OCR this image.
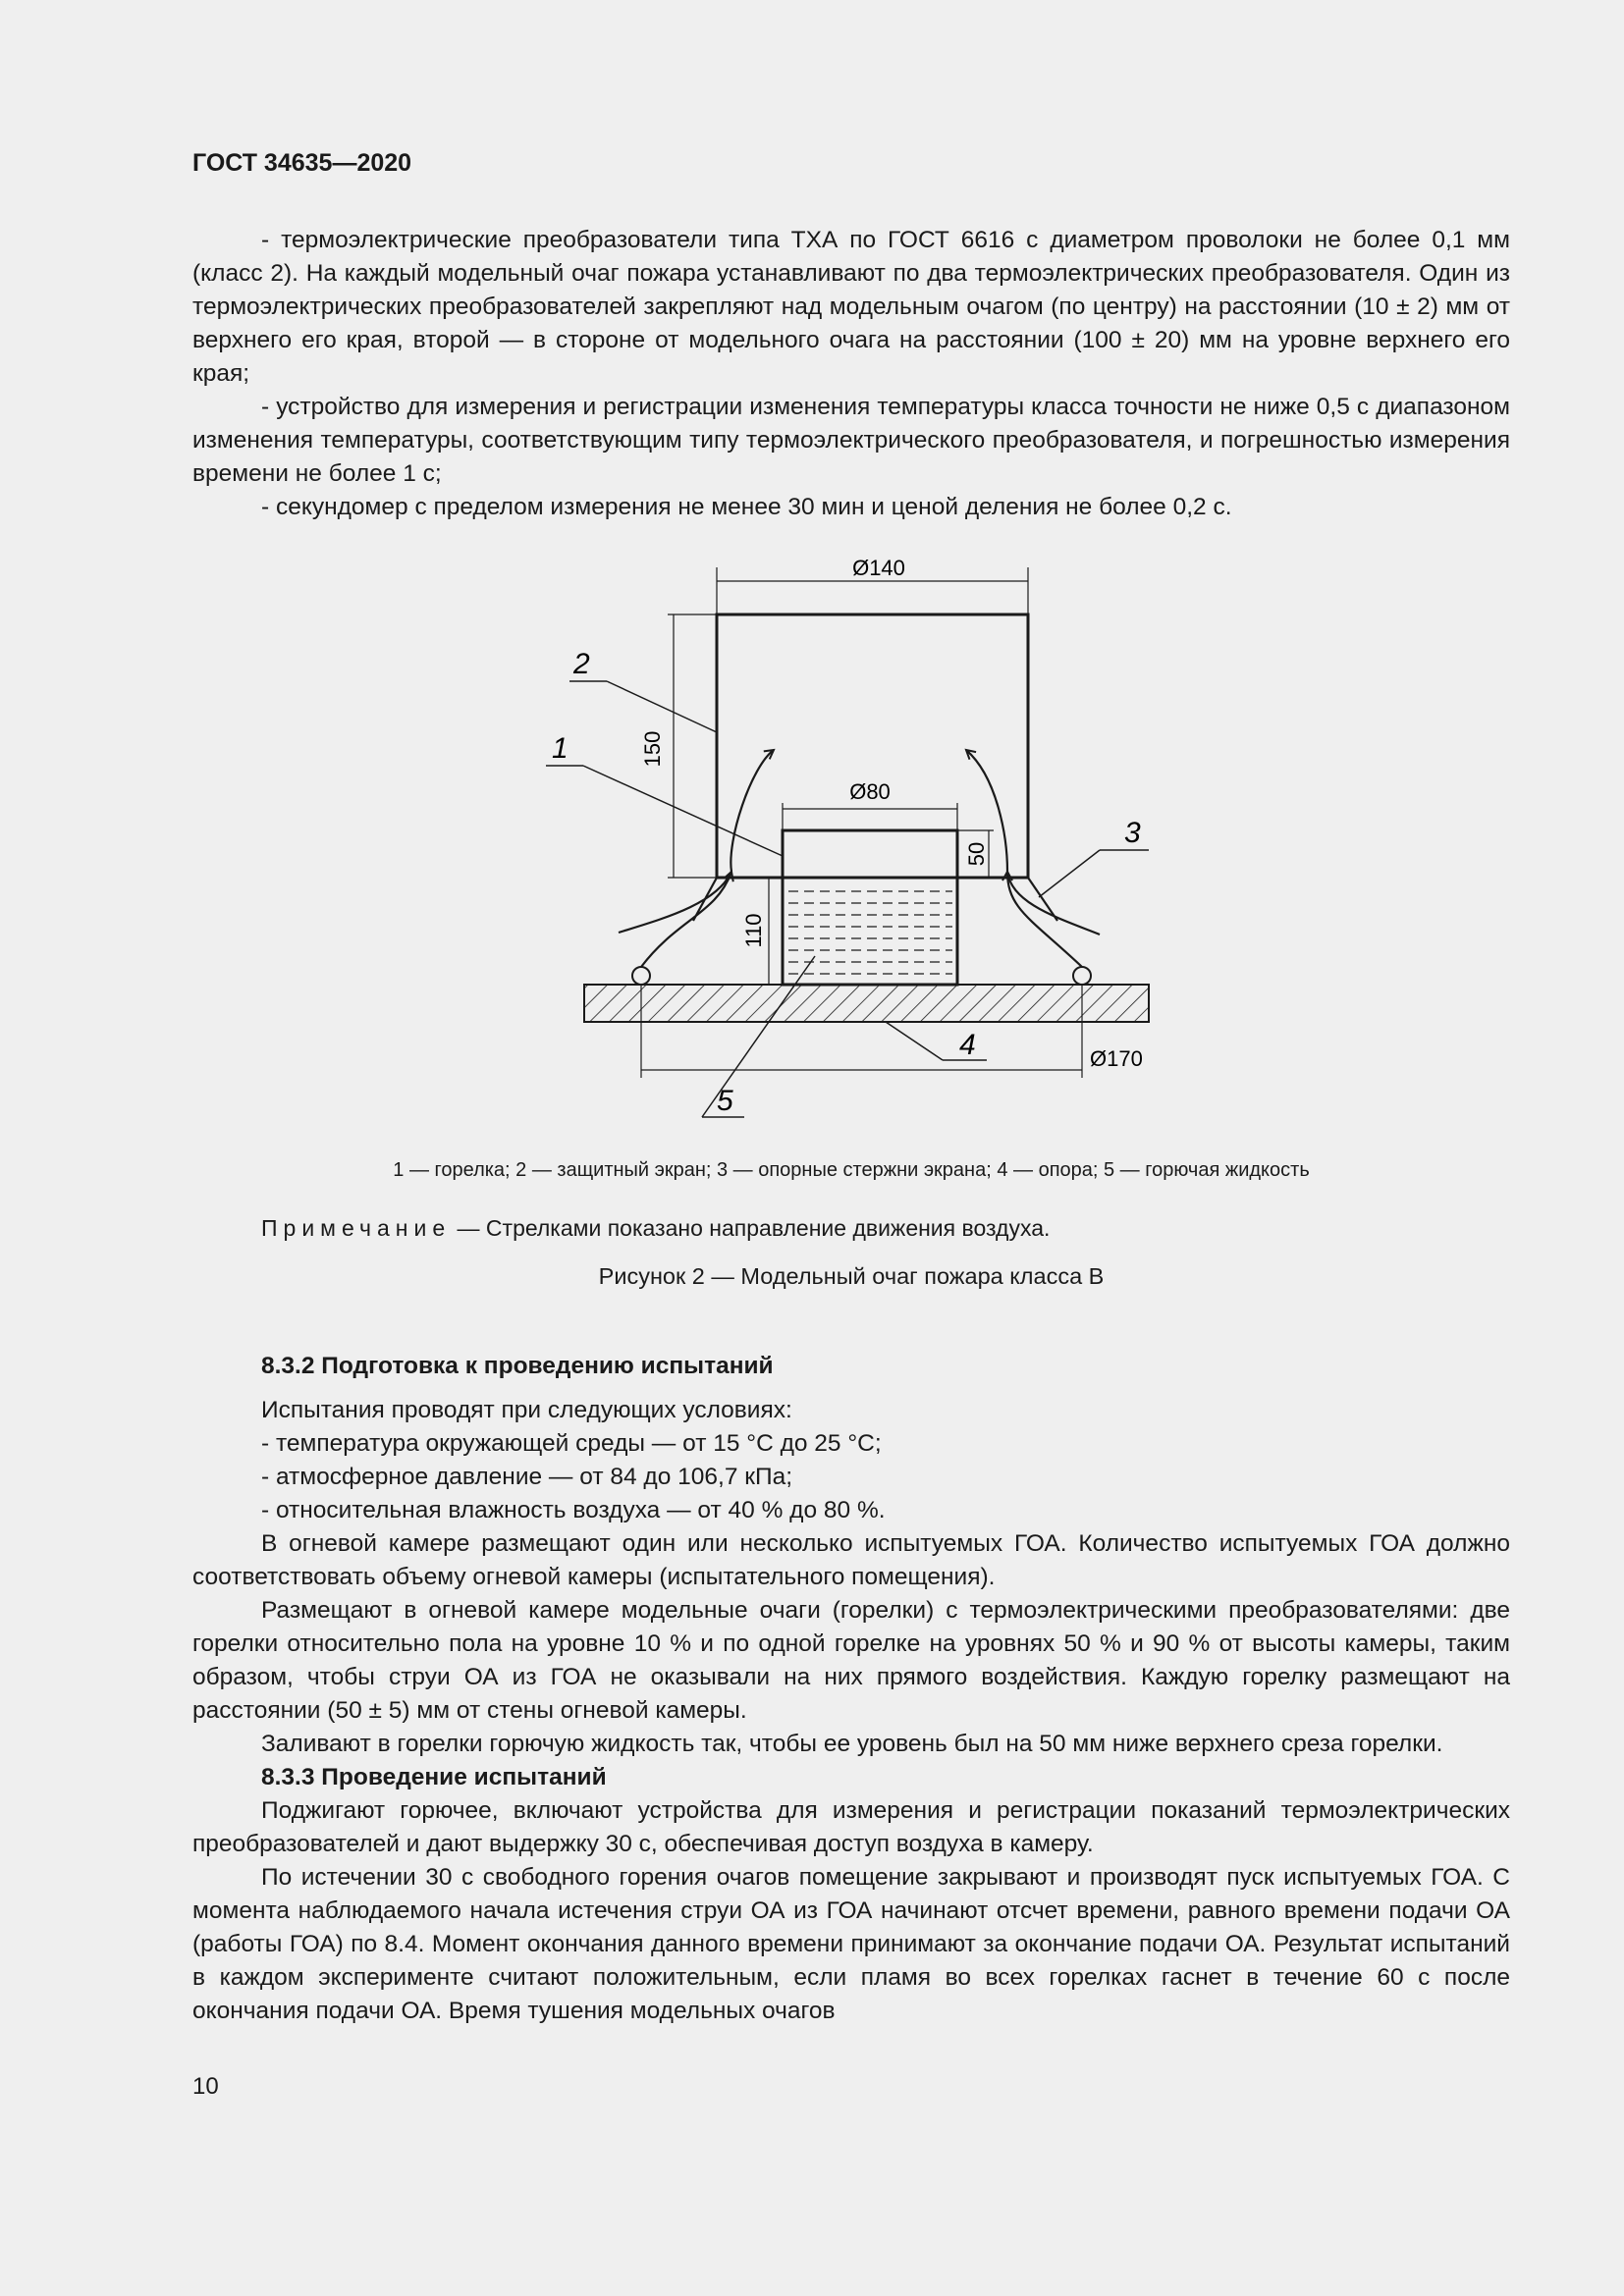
ГОСТ 34635—2020

- термоэлектрические преобразователи типа ТХА по ГОСТ 6616 с диаметром проволоки не более 0,1 мм (класс 2). На каждый модельный очаг пожара устанавливают по два термоэлектрических преобразователя. Один из термоэлектрических преобразователей закрепляют над модельным очагом (по центру) на расстоянии (10 ± 2) мм от верхнего его края, второй — в стороне от модельного очага на расстоянии (100 ± 20) мм на уровне верхнего его края;

- устройство для измерения и регистрации изменения температуры класса точности не ниже 0,5 с диапазоном изменения температуры, соответствующим типу термоэлектрического преобразователя, и погрешностью измерения времени не более 1 с;

- секундомер с пределом измерения не менее 30 мин и ценой деления не более 0,2 с.

Ø140
150
Ø80
50
110
Ø170
2
1
3
4
5
1 — горелка; 2 — защитный экран; 3 — опорные стержни экрана; 4 — опора; 5 — горючая жидкость
Примечание — Стрелками показано направление движения воздуха.
Рисунок 2 — Модельный очаг пожара класса В

8.3.2 Подготовка к проведению испытаний

Испытания проводят при следующих условиях:

- температура окружающей среды — от 15 °С до 25 °С;

- атмосферное давление — от 84 до 106,7 кПа;

- относительная влажность воздуха — от 40 % до 80 %.

В огневой камере размещают один или несколько испытуемых ГОА. Количество испытуемых ГОА должно соответствовать объему огневой камеры (испытательного помещения).

Размещают в огневой камере модельные очаги (горелки) с термоэлектрическими преобразователями: две горелки относительно пола на уровне 10 % и по одной горелке на уровнях 50 % и 90 % от высоты камеры, таким образом, чтобы струи ОА из ГОА не оказывали на них прямого воздействия. Каждую горелку размещают на расстоянии (50 ± 5) мм от стены огневой камеры.

Заливают в горелки горючую жидкость так, чтобы ее уровень был на 50 мм ниже верхнего среза горелки.

8.3.3 Проведение испытаний

Поджигают горючее, включают устройства для измерения и регистрации показаний термоэлектрических преобразователей и дают выдержку 30 с, обеспечивая доступ воздуха в камеру.

По истечении 30 с свободного горения очагов помещение закрывают и производят пуск испытуемых ГОА. С момента наблюдаемого начала истечения струи ОА из ГОА начинают отсчет времени, равного времени подачи ОА (работы ГОА) по 8.4. Момент окончания данного времени принимают за окончание подачи ОА. Результат испытаний в каждом эксперименте считают положительным, если пламя во всех горелках гаснет в течение 60 с после окончания подачи ОА. Время тушения модельных очагов

10
